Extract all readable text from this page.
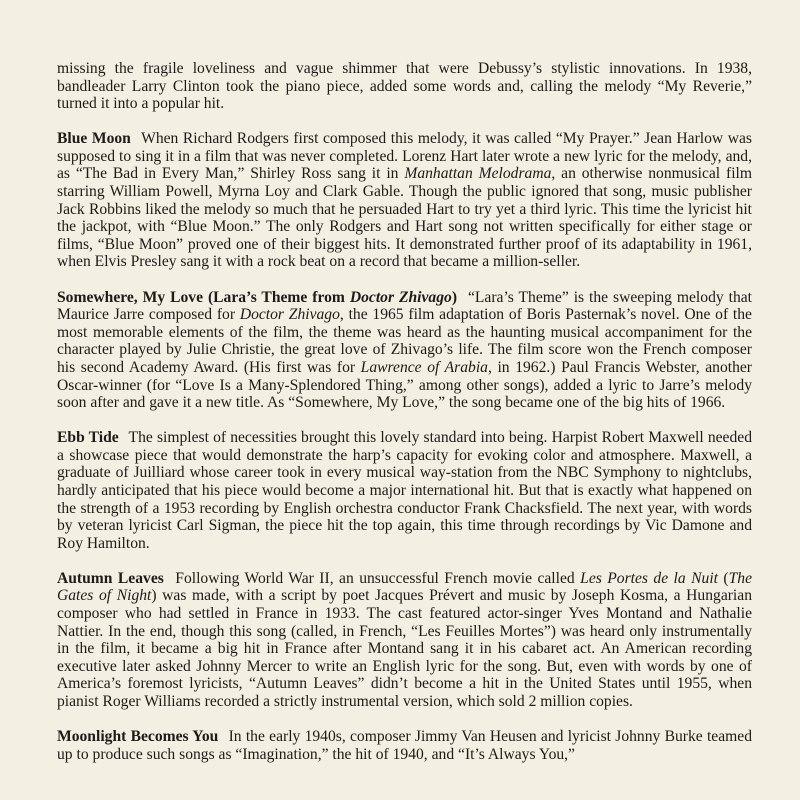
missing the fragile loveliness and vague shimmer that were Debussy’s stylistic innovations. In 1938, bandleader Larry Clinton took the piano piece, added some words and, calling the melody “My Reverie,” turned it into a popular hit.

Blue Moon When Richard Rodgers first composed this melody, it was called “My Prayer.” Jean Harlow was supposed to sing it in a film that was never completed. Lorenz Hart later wrote a new lyric for the melody, and, as “The Bad in Every Man,” Shirley Ross sang it in Manhattan Melodrama, an otherwise nonmusical film starring William Powell, Myrna Loy and Clark Gable. Though the public ignored that song, music publisher Jack Robbins liked the melody so much that he persuaded Hart to try yet a third lyric. This time the lyricist hit the jackpot, with “Blue Moon.” The only Rodgers and Hart song not written specifically for either stage or films, “Blue Moon” proved one of their biggest hits. It demonstrated further proof of its adaptability in 1961, when Elvis Presley sang it with a rock beat on a record that became a million-seller.

Somewhere, My Love (Lara’s Theme from Doctor Zhivago) “Lara’s Theme” is the sweeping melody that Maurice Jarre composed for Doctor Zhivago, the 1965 film adaptation of Boris Pasternak’s novel. One of the most memorable elements of the film, the theme was heard as the haunting musical accompaniment for the character played by Julie Christie, the great love of Zhivago’s life. The film score won the French composer his second Academy Award. (His first was for Lawrence of Arabia, in 1962.) Paul Francis Webster, another Oscar-winner (for “Love Is a Many-Splendored Thing,” among other songs), added a lyric to Jarre’s melody soon after and gave it a new title. As “Somewhere, My Love,” the song became one of the big hits of 1966.

Ebb Tide The simplest of necessities brought this lovely standard into being. Harpist Robert Maxwell needed a showcase piece that would demonstrate the harp’s capacity for evoking color and atmosphere. Maxwell, a graduate of Juilliard whose career took in every musical way-station from the NBC Symphony to nightclubs, hardly anticipated that his piece would become a major international hit. But that is exactly what happened on the strength of a 1953 recording by English orchestra conductor Frank Chacksfield. The next year, with words by veteran lyricist Carl Sigman, the piece hit the top again, this time through recordings by Vic Damone and Roy Hamilton.

Autumn Leaves Following World War II, an unsuccessful French movie called Les Portes de la Nuit (The Gates of Night) was made, with a script by poet Jacques Prévert and music by Joseph Kosma, a Hungarian composer who had settled in France in 1933. The cast featured actor-singer Yves Montand and Nathalie Nattier. In the end, though this song (called, in French, “Les Feuilles Mortes”) was heard only instrumentally in the film, it became a big hit in France after Montand sang it in his cabaret act. An American recording executive later asked Johnny Mercer to write an English lyric for the song. But, even with words by one of America’s foremost lyricists, “Autumn Leaves” didn’t become a hit in the United States until 1955, when pianist Roger Williams recorded a strictly instrumental version, which sold 2 million copies.

Moonlight Becomes You In the early 1940s, composer Jimmy Van Heusen and lyricist Johnny Burke teamed up to produce such songs as “Imagination,” the hit of 1940, and “It’s Always You,”
